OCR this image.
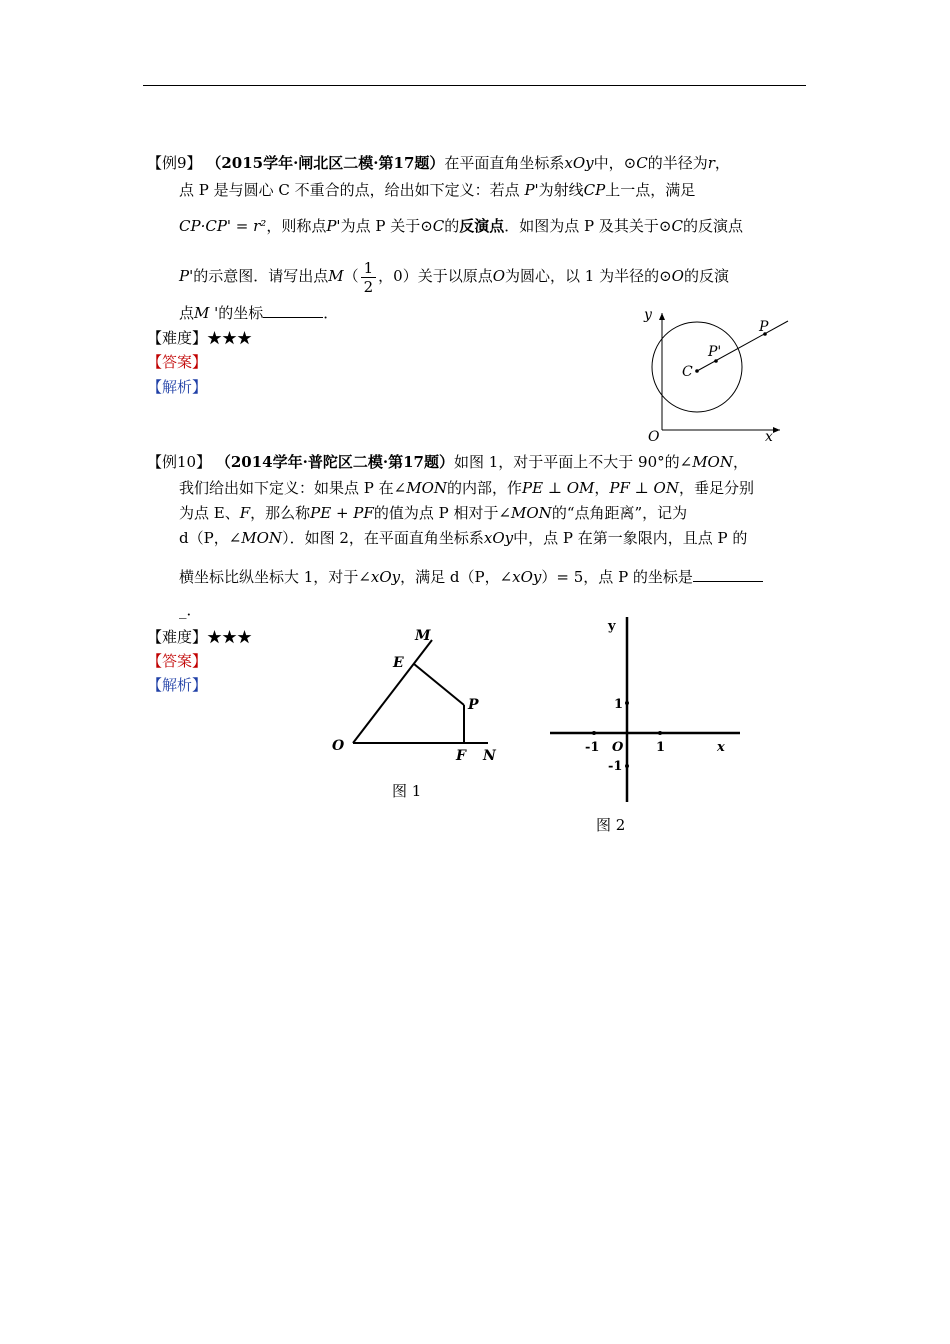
【例9】 （2015学年·闸北区二模·第17题）在平面直角坐标系xOy中，⊙C的半径为r，
点 P 是与圆心 C 不重合的点，给出如下定义：若点 P'为射线CP上一点，满足
CP·CP' = r²，则称点P'为点 P 关于⊙C的反演点．如图为点 P 及其关于⊙C的反演点
P'的示意图．请写出点$M( \frac{1}{2}$ ，0）关于以原点O为圆心，以 1 为半径的⊙O的反演
点M '的坐标	．
【难度】★★★
【答案】
【解析】
y
P
P'
C
O	x
【例10】 （2014学年·普陀区二模·第17题）如图 1，对于平面上不大于 90°的∠MON，
我们给出如下定义：如果点 P 在∠MON的内部，作PE ⊥ OM，PF ⊥ ON，垂足分别
为点 E、F，那么称PE + PF的值为点 P 相对于∠MON的“点角距离”，记为
d（P，∠MON）．如图 2，在平面直角坐标系xOy中，点 P 在第一象限内，且点 P 的
横坐标比纵坐标大 1，对于∠xOy，满足 d（P，∠xOy）= 5，点 P 的坐标是
_．
【难度】★★★
【答案】
【解析】
M
E
P
O
F N
图 1
y
1
-1 O	1	x
-1
图 2
